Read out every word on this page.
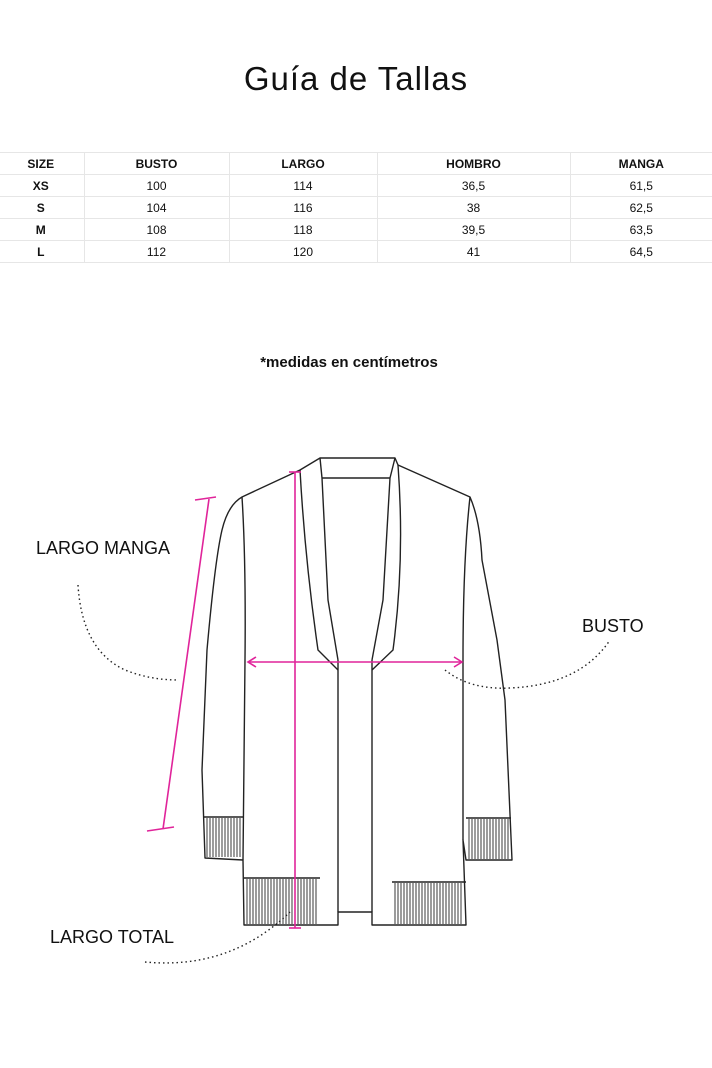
Guía de Tallas
SIZE	BUSTO	LARGO	HOMBRO	MANGA
XS	100	114	36,5	61,5
S	104	116	38	62,5
M	108	118	39,5	63,5
L	112	120	41	64,5
*medidas en centímetros
LARGO MANGA
BUSTO
LARGO TOTAL
